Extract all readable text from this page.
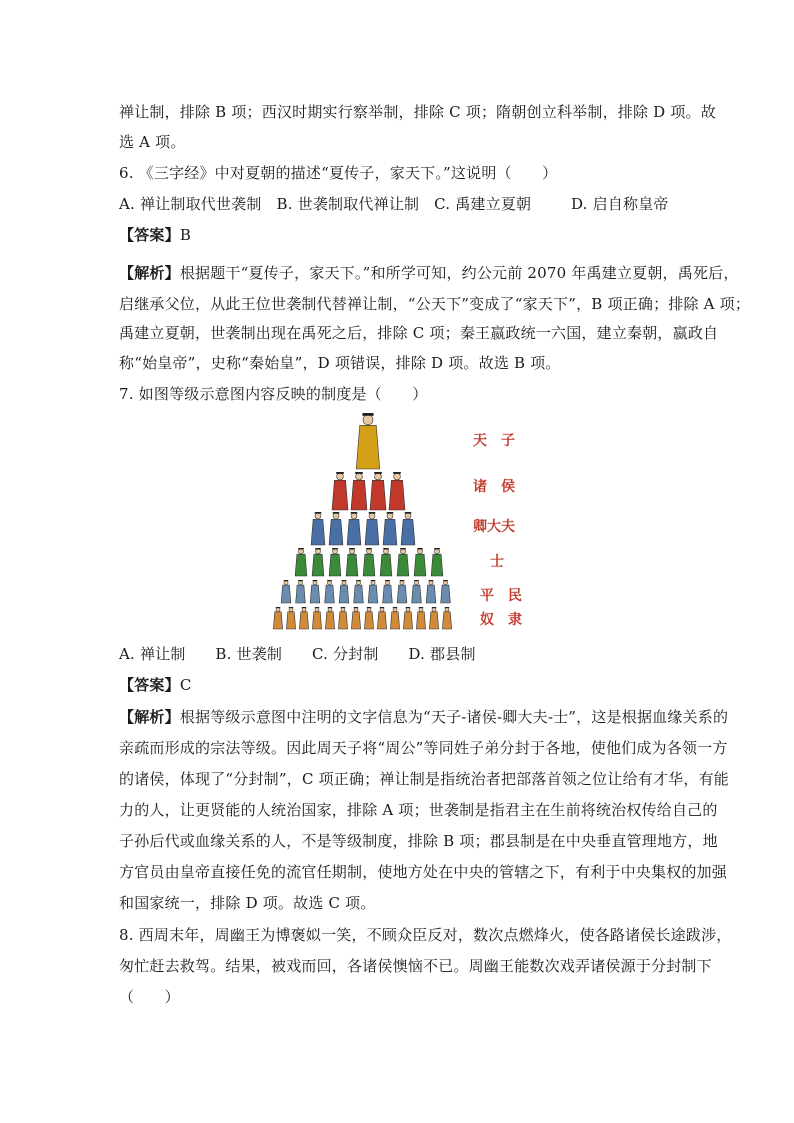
禅让制，排除 B 项；西汉时期实行察举制，排除 C 项；隋朝创立科举制，排除 D 项。故
选 A 项。
6. 《三字经》中对夏朝的描述“夏传子，家天下。”这说明（　　）
A. 禅让制取代世袭制   B. 世袭制取代禅让制   C. 禹建立夏朝        D. 启自称皇帝
【答案】B
【解析】根据题干“夏传子，家天下。”和所学可知，约公元前 2070 年禹建立夏朝，禹死后，
启继承父位，从此王位世袭制代替禅让制，“公天下”变成了“家天下”，B 项正确；排除 A 项；
禹建立夏朝，世袭制出现在禹死之后，排除 C 项；秦王嬴政统一六国，建立秦朝，嬴政自
称“始皇帝”，史称“秦始皇”，D 项错误，排除 D 项。故选 B 项。
7. 如图等级示意图内容反映的制度是（　　）
天　子
诸　侯
卿大夫
士
平　民
奴　隶
A. 禅让制      B. 世袭制      C. 分封制      D. 郡县制
【答案】C
【解析】根据等级示意图中注明的文字信息为“天子-诸侯-卿大夫-士”，这是根据血缘关系的
亲疏而形成的宗法等级。因此周天子将“周公”等同姓子弟分封于各地，使他们成为各领一方
的诸侯，体现了“分封制”，C 项正确；禅让制是指统治者把部落首领之位让给有才华，有能
力的人，让更贤能的人统治国家，排除 A 项；世袭制是指君主在生前将统治权传给自己的
子孙后代或血缘关系的人，不是等级制度，排除 B 项；郡县制是在中央垂直管理地方，地
方官员由皇帝直接任免的流官任期制，使地方处在中央的管辖之下，有利于中央集权的加强
和国家统一，排除 D 项。故选 C 项。
8. 西周末年，周幽王为博褒姒一笑，不顾众臣反对，数次点燃烽火，使各路诸侯长途跋涉，
匆忙赶去救驾。结果，被戏而回，各诸侯懊恼不已。周幽王能数次戏弄诸侯源于分封制下
（　　）
